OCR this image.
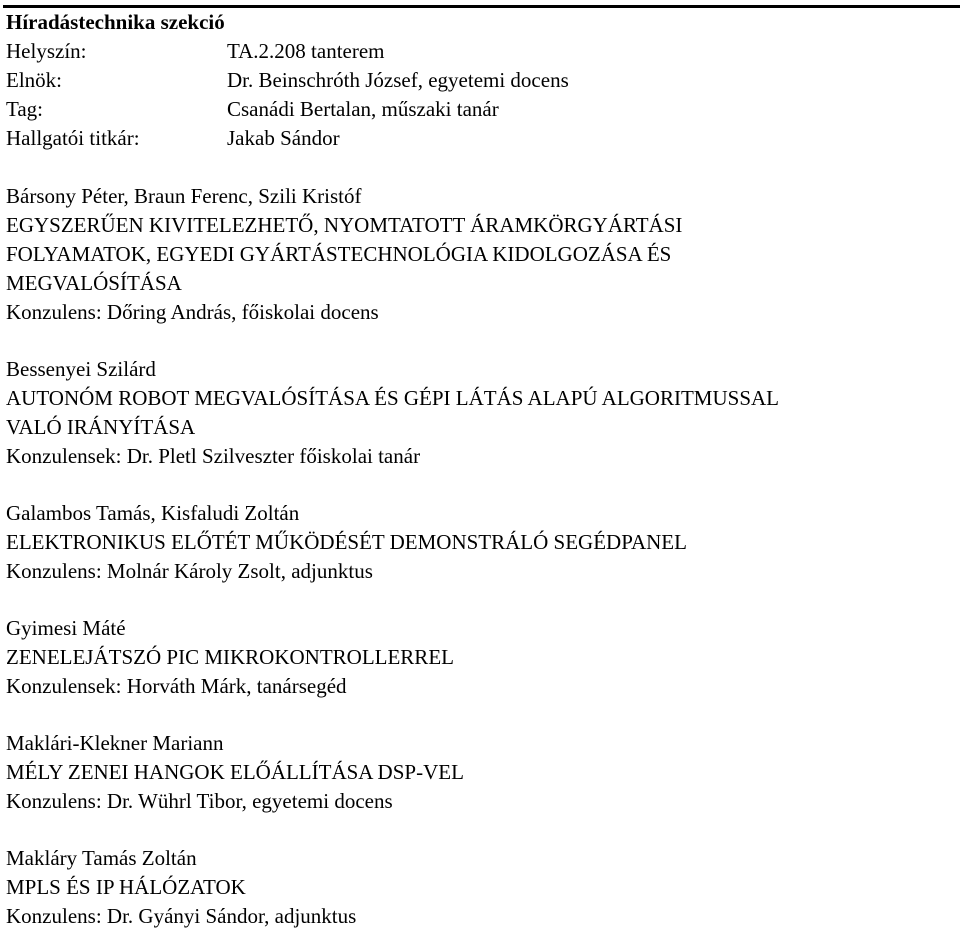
Híradástechnika szekció
Helyszín:	TA.2.208 tanterem
Elnök:	Dr. Beinschróth József, egyetemi docens
Tag:	Csanádi Bertalan, műszaki tanár
Hallgatói titkár:	Jakab Sándor
Bársony Péter, Braun Ferenc, Szili Kristóf
EGYSZERŰEN KIVITELEZHETŐ, NYOMTATOTT ÁRAMKÖRGYÁRTÁSI
FOLYAMATOK, EGYEDI GYÁRTÁSTECHNOLÓGIA KIDOLGOZÁSA ÉS
MEGVALÓSÍTÁSA
Konzulens: Dőring András, főiskolai docens
Bessenyei Szilárd
AUTONÓM ROBOT MEGVALÓSÍTÁSA ÉS GÉPI LÁTÁS ALAPÚ ALGORITMUSSAL
VALÓ IRÁNYÍTÁSA
Konzulensek: Dr. Pletl Szilveszter főiskolai tanár
Galambos Tamás, Kisfaludi Zoltán
ELEKTRONIKUS ELŐTÉT MŰKÖDÉSÉT DEMONSTRÁLÓ SEGÉDPANEL
Konzulens: Molnár Károly Zsolt, adjunktus
Gyimesi Máté
ZENELEJÁTSZÓ PIC MIKROKONTROLLERREL
Konzulensek: Horváth Márk, tanársegéd
Maklári-Klekner Mariann
MÉLY ZENEI HANGOK ELŐÁLLÍTÁSA DSP-VEL
Konzulens: Dr. Wührl Tibor, egyetemi docens
Makláry Tamás Zoltán
MPLS ÉS IP HÁLÓZATOK
Konzulens: Dr. Gyányi Sándor, adjunktus
